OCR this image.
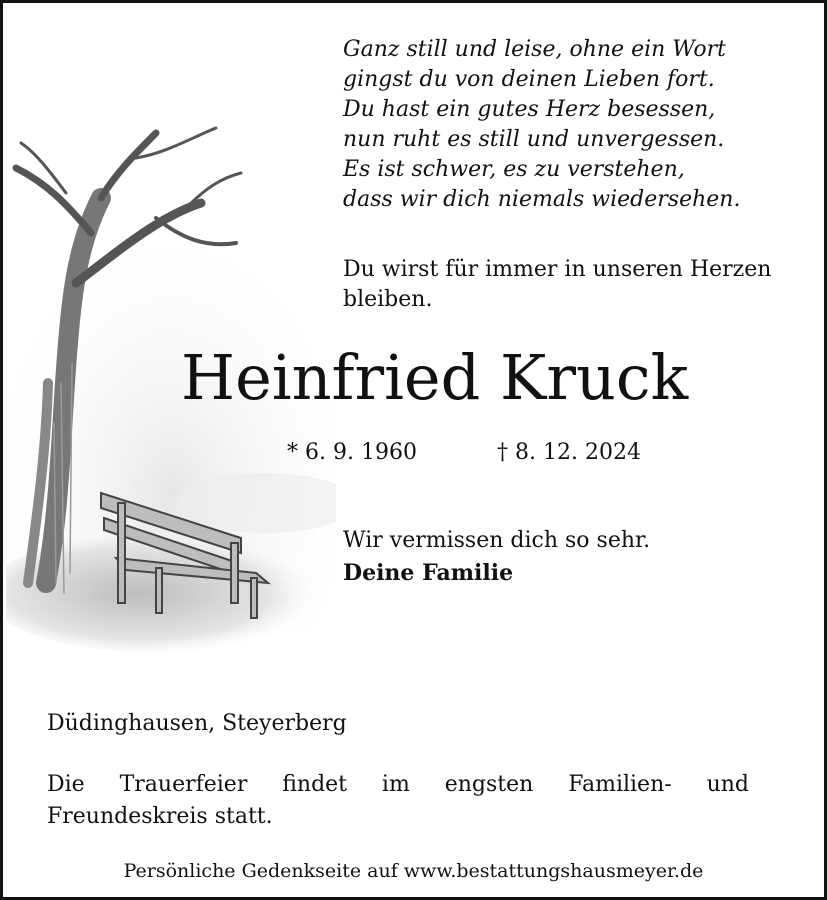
Ganz still und leise, ohne ein Wort
gingst du von deinen Lieben fort.
Du hast ein gutes Herz besessen,
nun ruht es still und unvergessen.
Es ist schwer, es zu verstehen,
dass wir dich niemals wiedersehen.
Du wirst für immer in unseren Herzen bleiben.
Heinfried Kruck
* 6. 9. 1960	† 8. 12. 2024
Wir vermissen dich so sehr.
Deine Familie
Düdinghausen, Steyerberg
Die Trauerfeier findet im engsten Familien- und Freundeskreis statt.
Persönliche Gedenkseite auf www.bestattungshausmeyer.de
